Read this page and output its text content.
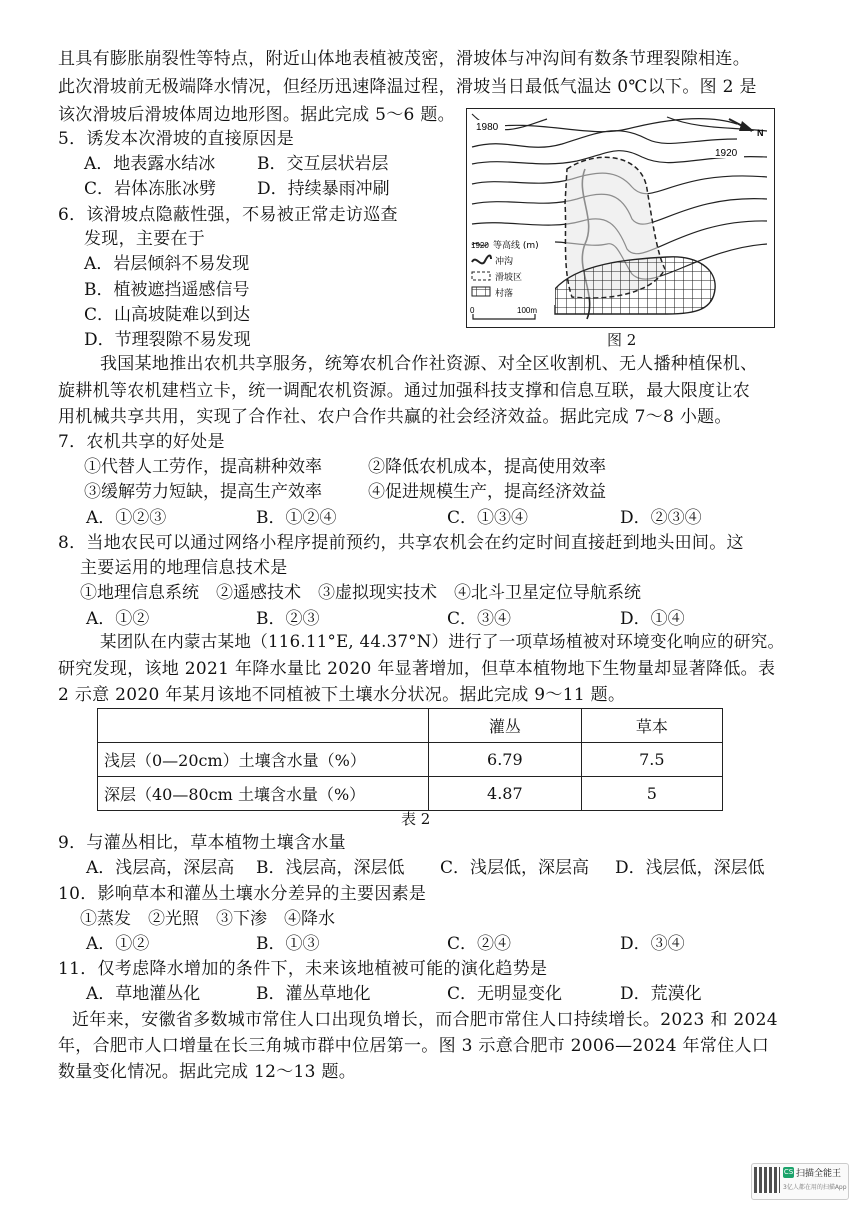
且具有膨胀崩裂性等特点，附近山体地表植被茂密，滑坡体与冲沟间有数条节理裂隙相连。
此次滑坡前无极端降水情况，但经历迅速降温过程，滑坡当日最低气温达 0℃以下。图 2 是
该次滑坡后滑坡体周边地形图。据此完成 5～6 题。
5．诱发本次滑坡的直接原因是
A．地表露水结冰 B．交互层状岩层
C．岩体冻胀冰劈 D．持续暴雨冲刷
6．该滑坡点隐蔽性强，不易被正常走访巡查
发现，主要在于
A．岩层倾斜不易发现
B．植被遮挡遥感信号
C．山高坡陡难以到达
D．节理裂隙不易发现
N
1980
1920
1920 等高线 (m)
冲沟
滑坡区
村落
0	100m
图 2
我国某地推出农机共享服务，统筹农机合作社资源、对全区收割机、无人播种植保机、
旋耕机等农机建档立卡，统一调配农机资源。通过加强科技支撑和信息互联，最大限度让农
用机械共享共用，实现了合作社、农户合作共赢的社会经济效益。据此完成 7～8 小题。
7．农机共享的好处是
①代替人工劳作，提高耕种效率	②降低农机成本，提高使用效率
③缓解劳力短缺，提高生产效率	④促进规模生产，提高经济效益
A．①②③	B．①②④	C．①③④	D．②③④
8．当地农民可以通过网络小程序提前预约，共享农机会在约定时间直接赶到地头田间。这
主要运用的地理信息技术是
①地理信息系统　②遥感技术　③虚拟现实技术　④北斗卫星定位导航系统
A．①②	B．②③	C．③④	D．①④
某团队在内蒙古某地（116.11°E, 44.37°N）进行了一项草场植被对环境变化响应的研究。
研究发现，该地 2021 年降水量比 2020 年显著增加，但草本植物地下生物量却显著降低。表
2 示意 2020 年某月该地不同植被下土壤水分状况。据此完成 9～11 题。
	灌丛	草本
浅层（0—20cm）土壤含水量（%）	6.79	7.5
深层（40—80cm 土壤含水量（%）	4.87	5
表 2
9．与灌丛相比，草本植物土壤含水量
A．浅层高，深层高 B．浅层高，深层低 C．浅层低，深层高 D．浅层低，深层低
10．影响草本和灌丛土壤水分差异的主要因素是
①蒸发　②光照　③下渗　④降水
A．①②	B．①③	C．②④	D．③④
11．仅考虑降水增加的条件下，未来该地植被可能的演化趋势是
A．草地灌丛化	B．灌丛草地化	C．无明显变化	D．荒漠化
近年来，安徽省多数城市常住人口出现负增长，而合肥市常住人口持续增长。2023 和 2024
年，合肥市人口增量在长三角城市群中位居第一。图 3 示意合肥市 2006—2024 年常住人口
数量变化情况。据此完成 12～13 题。
CS 扫描全能王
3亿人都在用的扫描App
